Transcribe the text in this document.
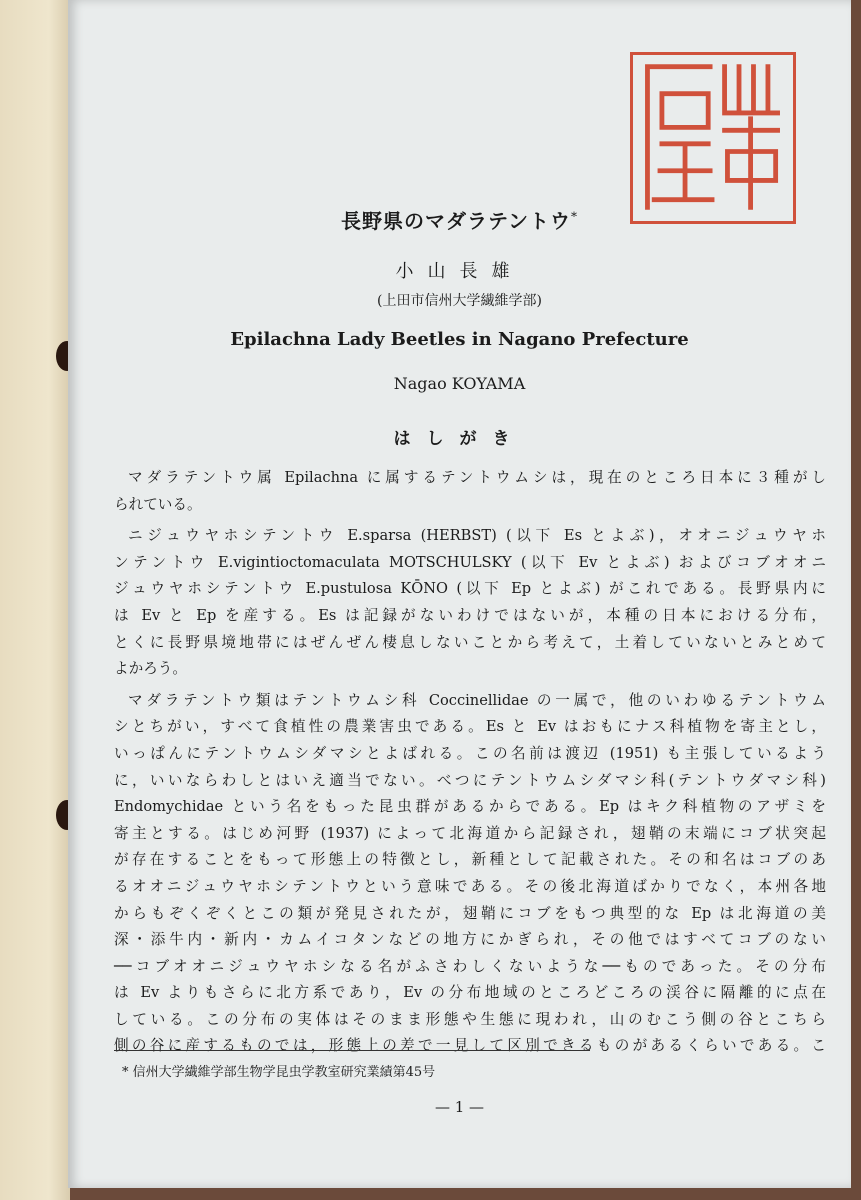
長野県のマダラテントウ*
小山長雄
(上田市信州大学繊維学部)
Epilachna Lady Beetles in Nagano Prefecture
Nagao KOYAMA
はしがき
マダラテントウ属 Epilachna に属するテントウムシは，現在のところ日本に３種がし
られている。
ニジュウヤホシテントウ E.sparsa (HERBST) (以下 Es とよぶ)，オオニジュウヤホ
ンテントウ E.vigintioctomaculata MOTSCHULSKY (以下 Ev とよぶ) およびコブオオニ
ジュウヤホシテントウ E.pustulosa KŌNO (以下 Ep とよぶ) がこれである。長野県内に
は Ev と Ep を産する。Es は記録がないわけではないが，本種の日本における分布，
とくに長野県境地帯にはぜんぜん棲息しないことから考えて，土着していないとみとめて
よかろう。
マダラテントウ類はテントウムシ科 Coccinellidae の一属で，他のいわゆるテントウム
シとちがい，すべて食植性の農業害虫である。Es と Ev はおもにナス科植物を寄主とし，
いっぱんにテントウムシダマシとよばれる。この名前は渡辺 (1951) も主張しているよう
に，いいならわしとはいえ適当でない。べつにテントウムシダマシ科(テントウダマシ科)
Endomychidae という名をもった昆虫群があるからである。Ep はキク科植物のアザミを
寄主とする。はじめ河野 (1937) によって北海道から記録され，翅鞘の末端にコブ状突起
が存在することをもって形態上の特徴とし，新種として記載された。その和名はコブのあ
るオオニジュウヤホシテントウという意味である。その後北海道ばかりでなく，本州各地
からもぞくぞくとこの類が発見されたが，翅鞘にコブをもつ典型的な Ep は北海道の美
深・添牛内・新内・カムイコタンなどの地方にかぎられ，その他ではすべてコブのない
──コブオオニジュウヤホシなる名がふさわしくないような──ものであった。その分布
は Ev よりもさらに北方系であり，Ev の分布地域のところどころの渓谷に隔離的に点在
している。この分布の実体はそのまま形態や生態に現われ，山のむこう側の谷とこちら
側の谷に産するものでは，形態上の差で一見して区別できるものがあるくらいである。こ
* 信州大学繊維学部生物学昆虫学教室研究業績第45号
— 1 —
